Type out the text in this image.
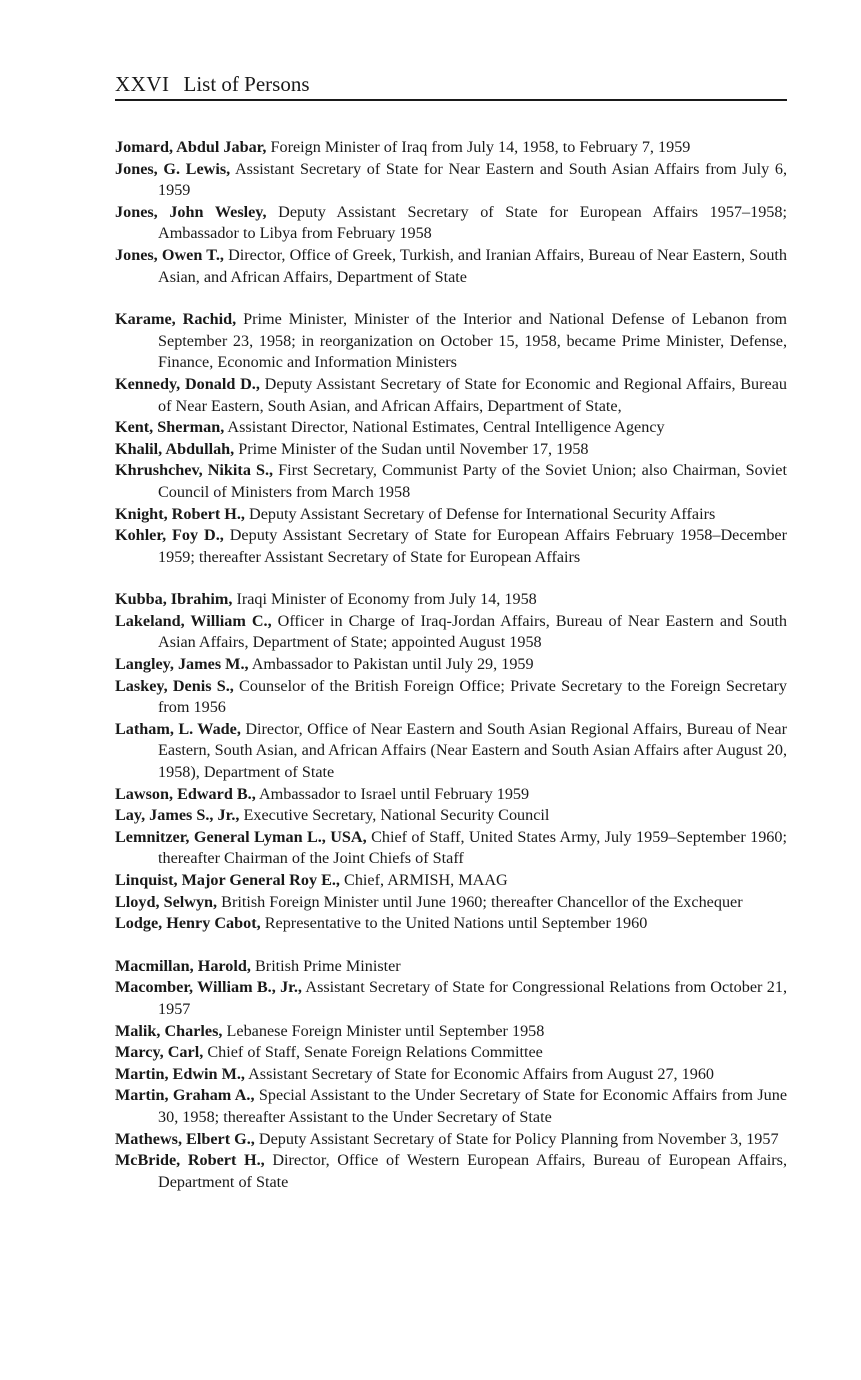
XXVI List of Persons
Jomard, Abdul Jabar, Foreign Minister of Iraq from July 14, 1958, to February 7, 1959
Jones, G. Lewis, Assistant Secretary of State for Near Eastern and South Asian Affairs from July 6, 1959
Jones, John Wesley, Deputy Assistant Secretary of State for European Affairs 1957–1958; Ambassador to Libya from February 1958
Jones, Owen T., Director, Office of Greek, Turkish, and Iranian Affairs, Bureau of Near Eastern, South Asian, and African Affairs, Department of State
Karame, Rachid, Prime Minister, Minister of the Interior and National Defense of Lebanon from September 23, 1958; in reorganization on October 15, 1958, became Prime Minister, Defense, Finance, Economic and Information Ministers
Kennedy, Donald D., Deputy Assistant Secretary of State for Economic and Regional Affairs, Bureau of Near Eastern, South Asian, and African Affairs, Department of State,
Kent, Sherman, Assistant Director, National Estimates, Central Intelligence Agency
Khalil, Abdullah, Prime Minister of the Sudan until November 17, 1958
Khrushchev, Nikita S., First Secretary, Communist Party of the Soviet Union; also Chairman, Soviet Council of Ministers from March 1958
Knight, Robert H., Deputy Assistant Secretary of Defense for International Security Affairs
Kohler, Foy D., Deputy Assistant Secretary of State for European Affairs February 1958–December 1959; thereafter Assistant Secretary of State for European Affairs
Kubba, Ibrahim, Iraqi Minister of Economy from July 14, 1958
Lakeland, William C., Officer in Charge of Iraq-Jordan Affairs, Bureau of Near Eastern and South Asian Affairs, Department of State; appointed August 1958
Langley, James M., Ambassador to Pakistan until July 29, 1959
Laskey, Denis S., Counselor of the British Foreign Office; Private Secretary to the Foreign Secretary from 1956
Latham, L. Wade, Director, Office of Near Eastern and South Asian Regional Affairs, Bureau of Near Eastern, South Asian, and African Affairs (Near Eastern and South Asian Affairs after August 20, 1958), Department of State
Lawson, Edward B., Ambassador to Israel until February 1959
Lay, James S., Jr., Executive Secretary, National Security Council
Lemnitzer, General Lyman L., USA, Chief of Staff, United States Army, July 1959–September 1960; thereafter Chairman of the Joint Chiefs of Staff
Linquist, Major General Roy E., Chief, ARMISH, MAAG
Lloyd, Selwyn, British Foreign Minister until June 1960; thereafter Chancellor of the Exchequer
Lodge, Henry Cabot, Representative to the United Nations until September 1960
Macmillan, Harold, British Prime Minister
Macomber, William B., Jr., Assistant Secretary of State for Congressional Relations from October 21, 1957
Malik, Charles, Lebanese Foreign Minister until September 1958
Marcy, Carl, Chief of Staff, Senate Foreign Relations Committee
Martin, Edwin M., Assistant Secretary of State for Economic Affairs from August 27, 1960
Martin, Graham A., Special Assistant to the Under Secretary of State for Economic Affairs from June 30, 1958; thereafter Assistant to the Under Secretary of State
Mathews, Elbert G., Deputy Assistant Secretary of State for Policy Planning from November 3, 1957
McBride, Robert H., Director, Office of Western European Affairs, Bureau of European Affairs, Department of State
